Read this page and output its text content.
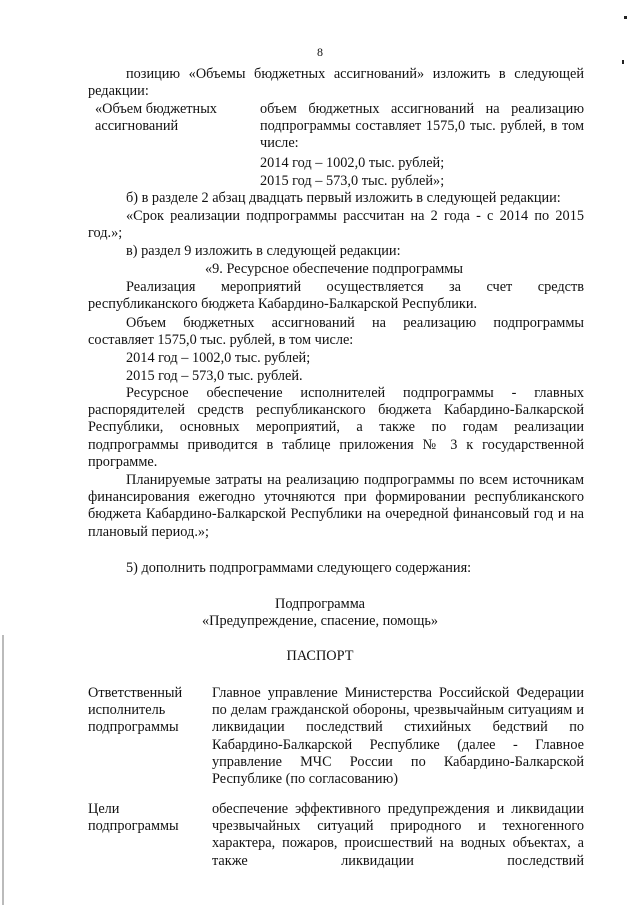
8
позицию «Объемы бюджетных ассигнований» изложить в следующей редакции:
«Объем бюджетных
ассигнований
объем бюджетных ассигнований на реализацию подпрограммы составляет 1575,0 тыс. рублей, в том числе:
2014 год – 1002,0 тыс. рублей;
2015 год – 573,0 тыс. рублей»;
б) в разделе 2 абзац двадцать первый изложить в следующей редакции:
«Срок реализации подпрограммы рассчитан на 2 года - с 2014 по 2015 год.»;
в) раздел 9 изложить в следующей редакции:
«9. Ресурсное обеспечение подпрограммы
Реализация мероприятий осуществляется за счет средств республиканского бюджета Кабардино-Балкарской Республики.
Объем бюджетных ассигнований на реализацию подпрограммы составляет 1575,0 тыс. рублей, в том числе:
2014 год – 1002,0 тыс. рублей;
2015 год – 573,0 тыс. рублей.
Ресурсное обеспечение исполнителей подпрограммы - главных распорядителей средств республиканского бюджета Кабардино-Балкарской Республики, основных мероприятий, а также по годам реализации подпрограммы приводится в таблице приложения № 3 к государственной программе.
Планируемые затраты на реализацию подпрограммы по всем источникам финансирования ежегодно уточняются при формировании республиканского бюджета Кабардино-Балкарской Республики на очередной финансовый год и на плановый период.»;
5) дополнить подпрограммами следующего содержания:
Подпрограмма
«Предупреждение, спасение, помощь»
ПАСПОРТ
Ответственный исполнитель подпрограммы
Главное управление Министерства Российской Федерации по делам гражданской обороны, чрезвычайным ситуациям и ликвидации последствий стихийных бедствий по Кабардино-Балкарской Республике (далее - Главное управление МЧС России по Кабардино-Балкарской Республике (по согласованию)
Цели подпрограммы
обеспечение эффективного предупреждения и ликвидации чрезвычайных ситуаций природного и техногенного характера, пожаров, происшествий на водных объектах, а также ликвидации последствий
